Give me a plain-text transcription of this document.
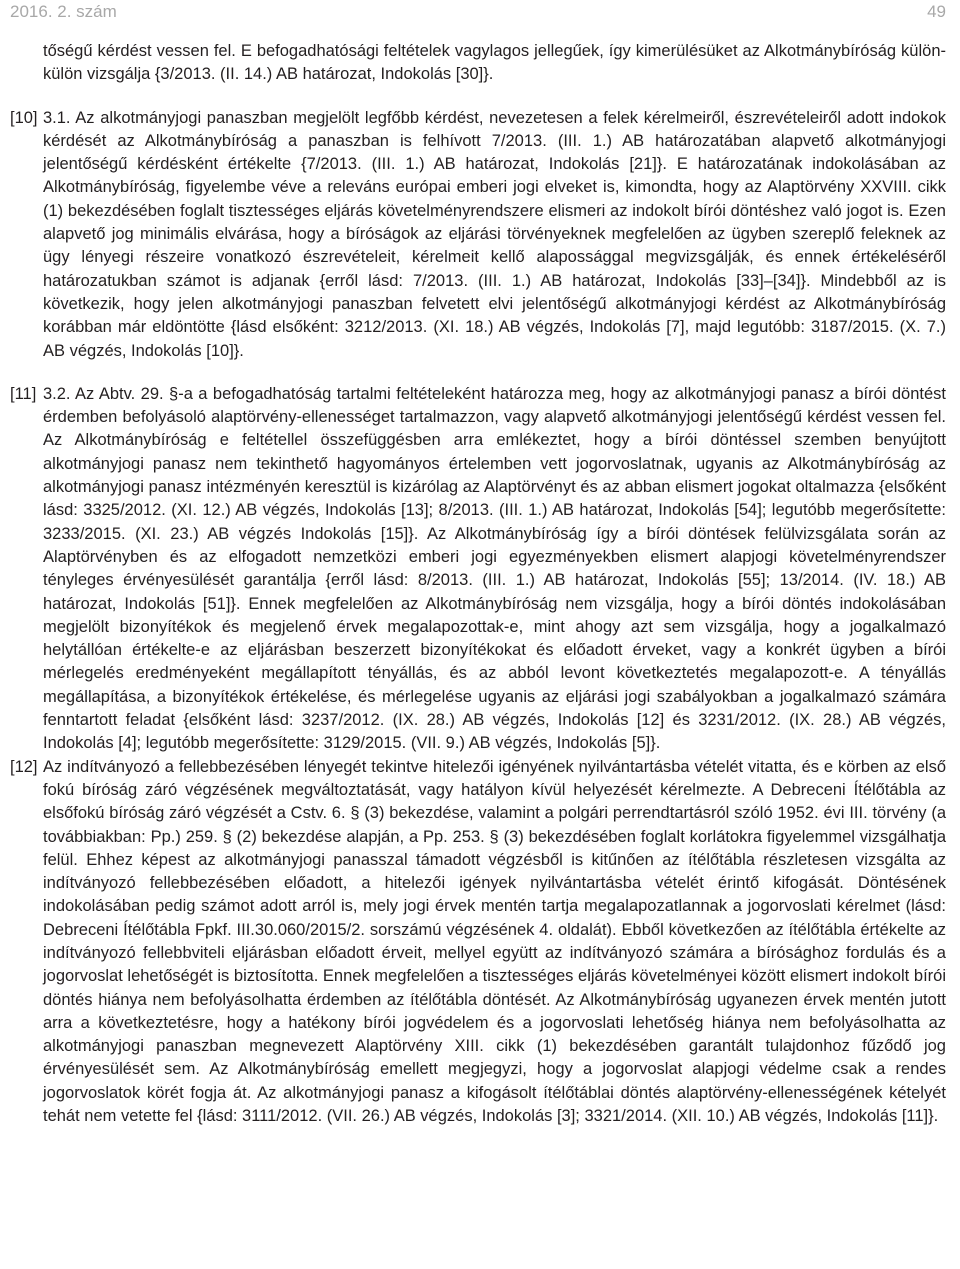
2016. 2. szám	49
tőségű kérdést vessen fel. E befogadhatósági feltételek vagylagos jellegűek, így kimerülésüket az Alkotmánybíróság külön-külön vizsgálja {3/2013. (II. 14.) AB határozat, Indokolás [30]}.
[10] 3.1. Az alkotmányjogi panaszban megjelölt legfőbb kérdést, nevezetesen a felek kérelmeiről, észrevételeiről adott indokok kérdését az Alkotmánybíróság a panaszban is felhívott 7/2013. (III. 1.) AB határozatában alapvető alkotmányjogi jelentőségű kérdésként értékelte {7/2013. (III. 1.) AB határozat, Indokolás [21]}. E határozatának indokolásában az Alkotmánybíróság, figyelembe véve a releváns európai emberi jogi elveket is, kimondta, hogy az Alaptörvény XXVIII. cikk (1) bekezdésében foglalt tisztességes eljárás követelményrendszere elismeri az indokolt bírói döntéshez való jogot is. Ezen alapvető jog minimális elvárása, hogy a bíróságok az eljárási törvényeknek megfelelően az ügyben szereplő feleknek az ügy lényegi részeire vonatkozó észrevételeit, kérelmeit kellő alapossággal megvizsgálják, és ennek értékeléséről határozatukban számot is adjanak {erről lásd: 7/2013. (III. 1.) AB határozat, Indokolás [33]–[34]}. Mindebből az is következik, hogy jelen alkotmányjogi panaszban felvetett elvi jelentőségű alkotmányjogi kérdést az Alkotmánybíróság korábban már eldöntötte {lásd elsőként: 3212/2013. (XI. 18.) AB végzés, Indokolás [7], majd legutóbb: 3187/2015. (X. 7.) AB végzés, Indokolás [10]}.
[11] 3.2. Az Abtv. 29. §-a a befogadhatóság tartalmi feltételeként határozza meg, hogy az alkotmányjogi panasz a bírói döntést érdemben befolyásoló alaptörvény-ellenességet tartalmazzon, vagy alapvető alkotmányjogi jelentőségű kérdést vessen fel. Az Alkotmánybíróság e feltétellel összefüggésben arra emlékeztet, hogy a bírói döntéssel szemben benyújtott alkotmányjogi panasz nem tekinthető hagyományos értelemben vett jogorvoslatnak, ugyanis az Alkotmánybíróság az alkotmányjogi panasz intézményén keresztül is kizárólag az Alaptörvényt és az abban elismert jogokat oltalmazza {elsőként lásd: 3325/2012. (XI. 12.) AB végzés, Indokolás [13]; 8/2013. (III. 1.) AB határozat, Indokolás [54]; legutóbb megerősítette: 3233/2015. (XI. 23.) AB végzés Indokolás [15]}. Az Alkotmánybíróság így a bírói döntések felülvizsgálata során az Alaptörvényben és az elfogadott nemzetközi emberi jogi egyezményekben elismert alapjogi követelményrendszer tényleges érvényesülését garantálja {erről lásd: 8/2013. (III. 1.) AB határozat, Indokolás [55]; 13/2014. (IV. 18.) AB határozat, Indokolás [51]}. Ennek megfelelően az Alkotmánybíróság nem vizsgálja, hogy a bírói döntés indokolásában megjelölt bizonyítékok és megjelenő érvek megalapozottak-e, mint ahogy azt sem vizsgálja, hogy a jogalkalmazó helytállóan értékelte-e az eljárásban beszerzett bizonyítékokat és előadott érveket, vagy a konkrét ügyben a bírói mérlegelés eredményeként megállapított tényállás, és az abból levont következtetés megalapozott-e. A tényállás megállapítása, a bizonyítékok értékelése, és mérlegelése ugyanis az eljárási jogi szabályokban a jogalkalmazó számára fenntartott feladat {elsőként lásd: 3237/2012. (IX. 28.) AB végzés, Indokolás [12] és 3231/2012. (IX. 28.) AB végzés, Indokolás [4]; legutóbb megerősítette: 3129/2015. (VII. 9.) AB végzés, Indokolás [5]}.
[12] Az indítványozó a fellebbezésében lényegét tekintve hitelezői igényének nyilvántartásba vételét vitatta, és e körben az első fokú bíróság záró végzésének megváltoztatását, vagy hatályon kívül helyezését kérelmezte. A Debreceni Ítélőtábla az elsőfokú bíróság záró végzését a Cstv. 6. § (3) bekezdése, valamint a polgári perrendtartásról szóló 1952. évi III. törvény (a továbbiakban: Pp.) 259. § (2) bekezdése alapján, a Pp. 253. § (3) bekezdésében foglalt korlátokra figyelemmel vizsgálhatja felül. Ehhez képest az alkotmányjogi panasszal támadott végzésből is kitűnően az ítélőtábla részletesen vizsgálta az indítványozó fellebbezésében előadott, a hitelezői igények nyilvántartásba vételét érintő kifogását. Döntésének indokolásában pedig számot adott arról is, mely jogi érvek mentén tartja megalapozatlannak a jogorvoslati kérelmet (lásd: Debreceni Ítélőtábla Fpkf. III.30.060/2015/2. sorszámú végzésének 4. oldalát). Ebből következően az ítélőtábla értékelte az indítványozó fellebbviteli eljárásban előadott érveit, mellyel együtt az indítványozó számára a bírósághoz fordulás és a jogorvoslat lehetőségét is biztosította. Ennek megfelelően a tisztességes eljárás követelményei között elismert indokolt bírói döntés hiánya nem befolyásolhatta érdemben az ítélőtábla döntését. Az Alkotmánybíróság ugyanezen érvek mentén jutott arra a következtetésre, hogy a hatékony bírói jogvédelem és a jogorvoslati lehetőség hiánya nem befolyásolhatta az alkotmányjogi panaszban megnevezett Alaptörvény XIII. cikk (1) bekezdésében garantált tulajdonhoz fűződő jog érvényesülését sem. Az Alkotmánybíróság emellett megjegyzi, hogy a jogorvoslat alapjogi védelme csak a rendes jogorvoslatok körét fogja át. Az alkotmányjogi panasz a kifogásolt ítélőtáblai döntés alaptörvény-ellenességének kételyét tehát nem vetette fel {lásd: 3111/2012. (VII. 26.) AB végzés, Indokolás [3]; 3321/2014. (XII. 10.) AB végzés, Indokolás [11]}.
